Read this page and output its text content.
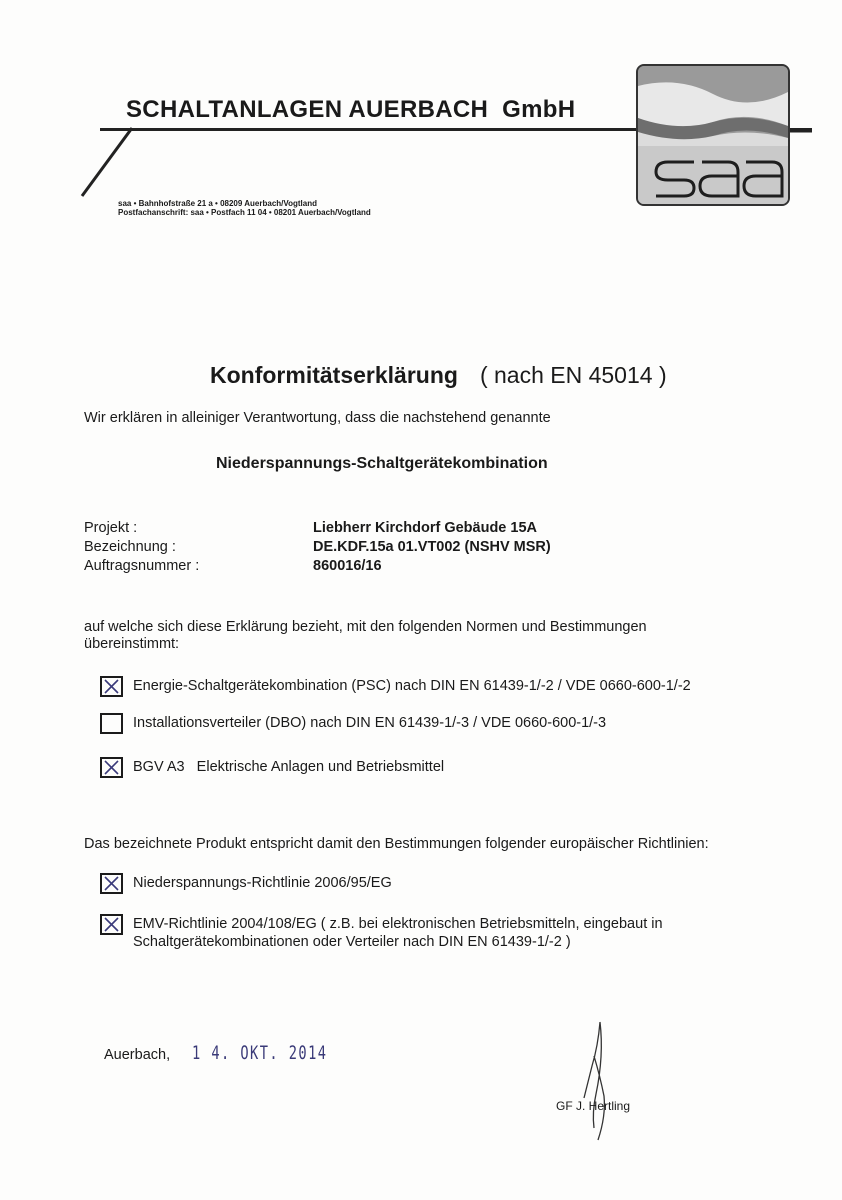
SCHALTANLAGEN AUERBACH GmbH
saa • Bahnhofstraße 21 a • 08209 Auerbach/Vogtland
Postfachanschrift: saa • Postfach 11 04 • 08201 Auerbach/Vogtland
Konformitätserklärung ( nach EN 45014 )
Wir erklären in alleiniger Verantwortung, dass die nachstehend genannte
Niederspannungs-Schaltgerätekombination
Projekt :	Liebherr Kirchdorf Gebäude 15A
Bezeichnung :	DE.KDF.15a 01.VT002 (NSHV MSR)
Auftragsnummer :	860016/16
auf welche sich diese Erklärung bezieht, mit den folgenden Normen und Bestimmungen übereinstimmt:
Energie-Schaltgerätekombination (PSC) nach DIN EN 61439-1/-2 / VDE 0660-600-1/-2
Installationsverteiler (DBO) nach DIN EN 61439-1/-3 / VDE 0660-600-1/-3
BGV A3   Elektrische Anlagen und Betriebsmittel
Das bezeichnete Produkt entspricht damit den Bestimmungen folgender europäischer Richtlinien:
Niederspannungs-Richtlinie 2006/95/EG
EMV-Richtlinie 2004/108/EG ( z.B. bei elektronischen Betriebsmitteln, eingebaut in Schaltgerätekombinationen oder Verteiler nach DIN EN 61439-1/-2 )
Auerbach, 1 4. OKT. 2014
GF J. Hertling
